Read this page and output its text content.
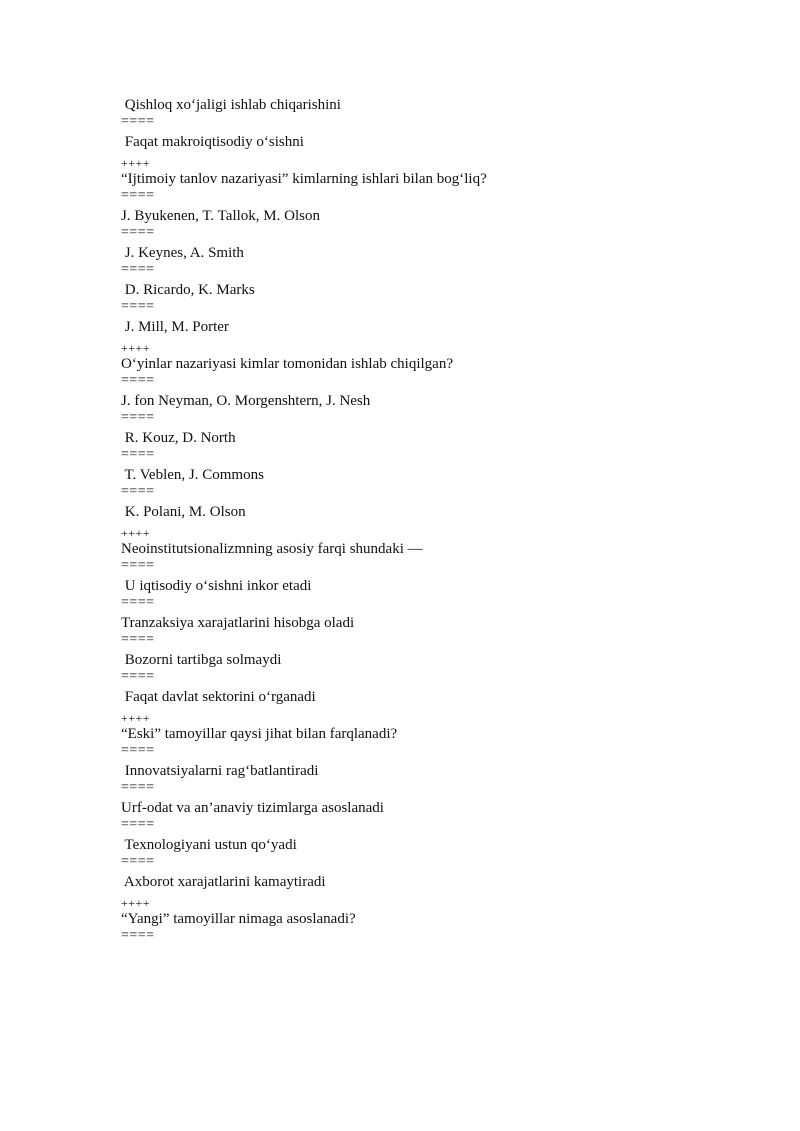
Qishloq xo‘jaligi ishlab chiqarishini
====
Faqat makroiqtisodiy o‘sishni
++++
“Ijtimoiy tanlov nazariyasi” kimlarning ishlari bilan bog‘liq?
====
J. Byukenen, T. Tallok, M. Olson
====
J. Keynes, A. Smith
====
D. Ricardo, K. Marks
====
J. Mill, M. Porter
++++
O‘yinlar nazariyasi kimlar tomonidan ishlab chiqilgan?
====
J. fon Neyman, O. Morgenshtern, J. Nesh
====
R. Kouz, D. North
====
T. Veblen, J. Commons
====
K. Polani, M. Olson
++++
Neoinstitutsionalizmning asosiy farqi shundaki —
====
U iqtisodiy o‘sishni inkor etadi
====
Tranzaksiya xarajatlarini hisobga oladi
====
Bozorni tartibga solmaydi
====
Faqat davlat sektorini o‘rganadi
++++
“Eski” tamoyillar qaysi jihat bilan farqlanadi?
====
Innovatsiyalarni rag‘batlantiradi
====
Urf-odat va an’anaviy tizimlarga asoslanadi
====
Texnologiyani ustun qo‘yadi
====
Axborot xarajatlarini kamaytiradi
++++
“Yangi” tamoyillar nimaga asoslanadi?
====
